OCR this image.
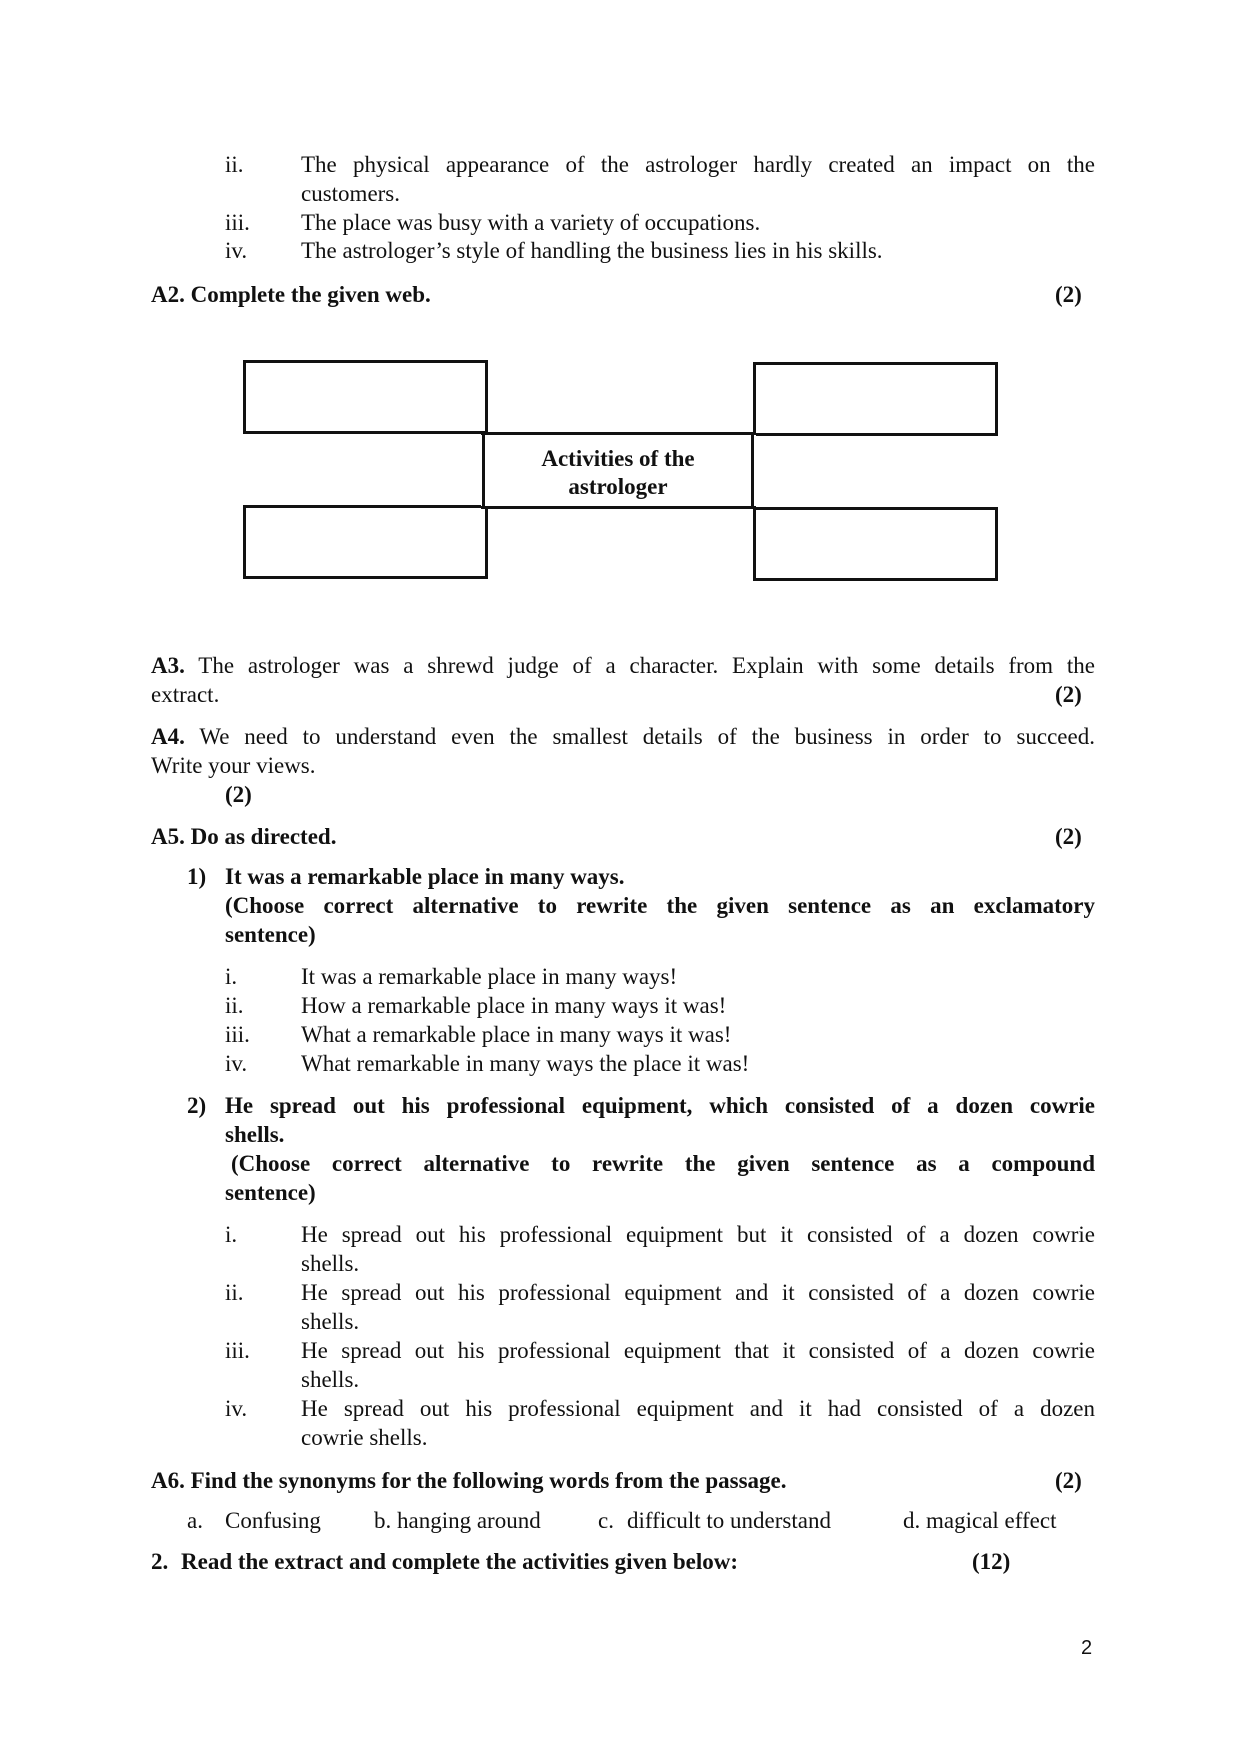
ii. The physical appearance of the astrologer hardly created an impact on the
customers.
iii. The place was busy with a variety of occupations.
iv. The astrologer’s style of handling the business lies in his skills.
A2. Complete the given web.	(2)
Activities of the
astrologer
A3. The astrologer was a shrewd judge of a character. Explain with some details from the
extract.	(2)
A4. We need to understand even the smallest details of the business in order to succeed.
Write your views.
(2)
A5. Do as directed.	(2)
1) It was a remarkable place in many ways.
(Choose correct alternative to rewrite the given sentence as an exclamatory
sentence)
i.	It was a remarkable place in many ways!
ii. How a remarkable place in many ways it was!
iii. What a remarkable place in many ways it was!
iv. What remarkable in many ways the place it was!
2) He spread out his professional equipment, which consisted of a dozen cowrie
shells.
(Choose correct alternative to rewrite the given sentence as a compound
sentence)
i.	He spread out his professional equipment but it consisted of a dozen cowrie
shells.
ii. He spread out his professional equipment and it consisted of a dozen cowrie
shells.
iii. He spread out his professional equipment that it consisted of a dozen cowrie
shells.
iv. He spread out his professional equipment and it had consisted of a dozen
cowrie shells.
A6. Find the synonyms for the following words from the passage.	(2)
a. Confusing b. hanging around c. difficult to understand	d. magical effect
2. Read the extract and complete the activities given below:	(12)
2
